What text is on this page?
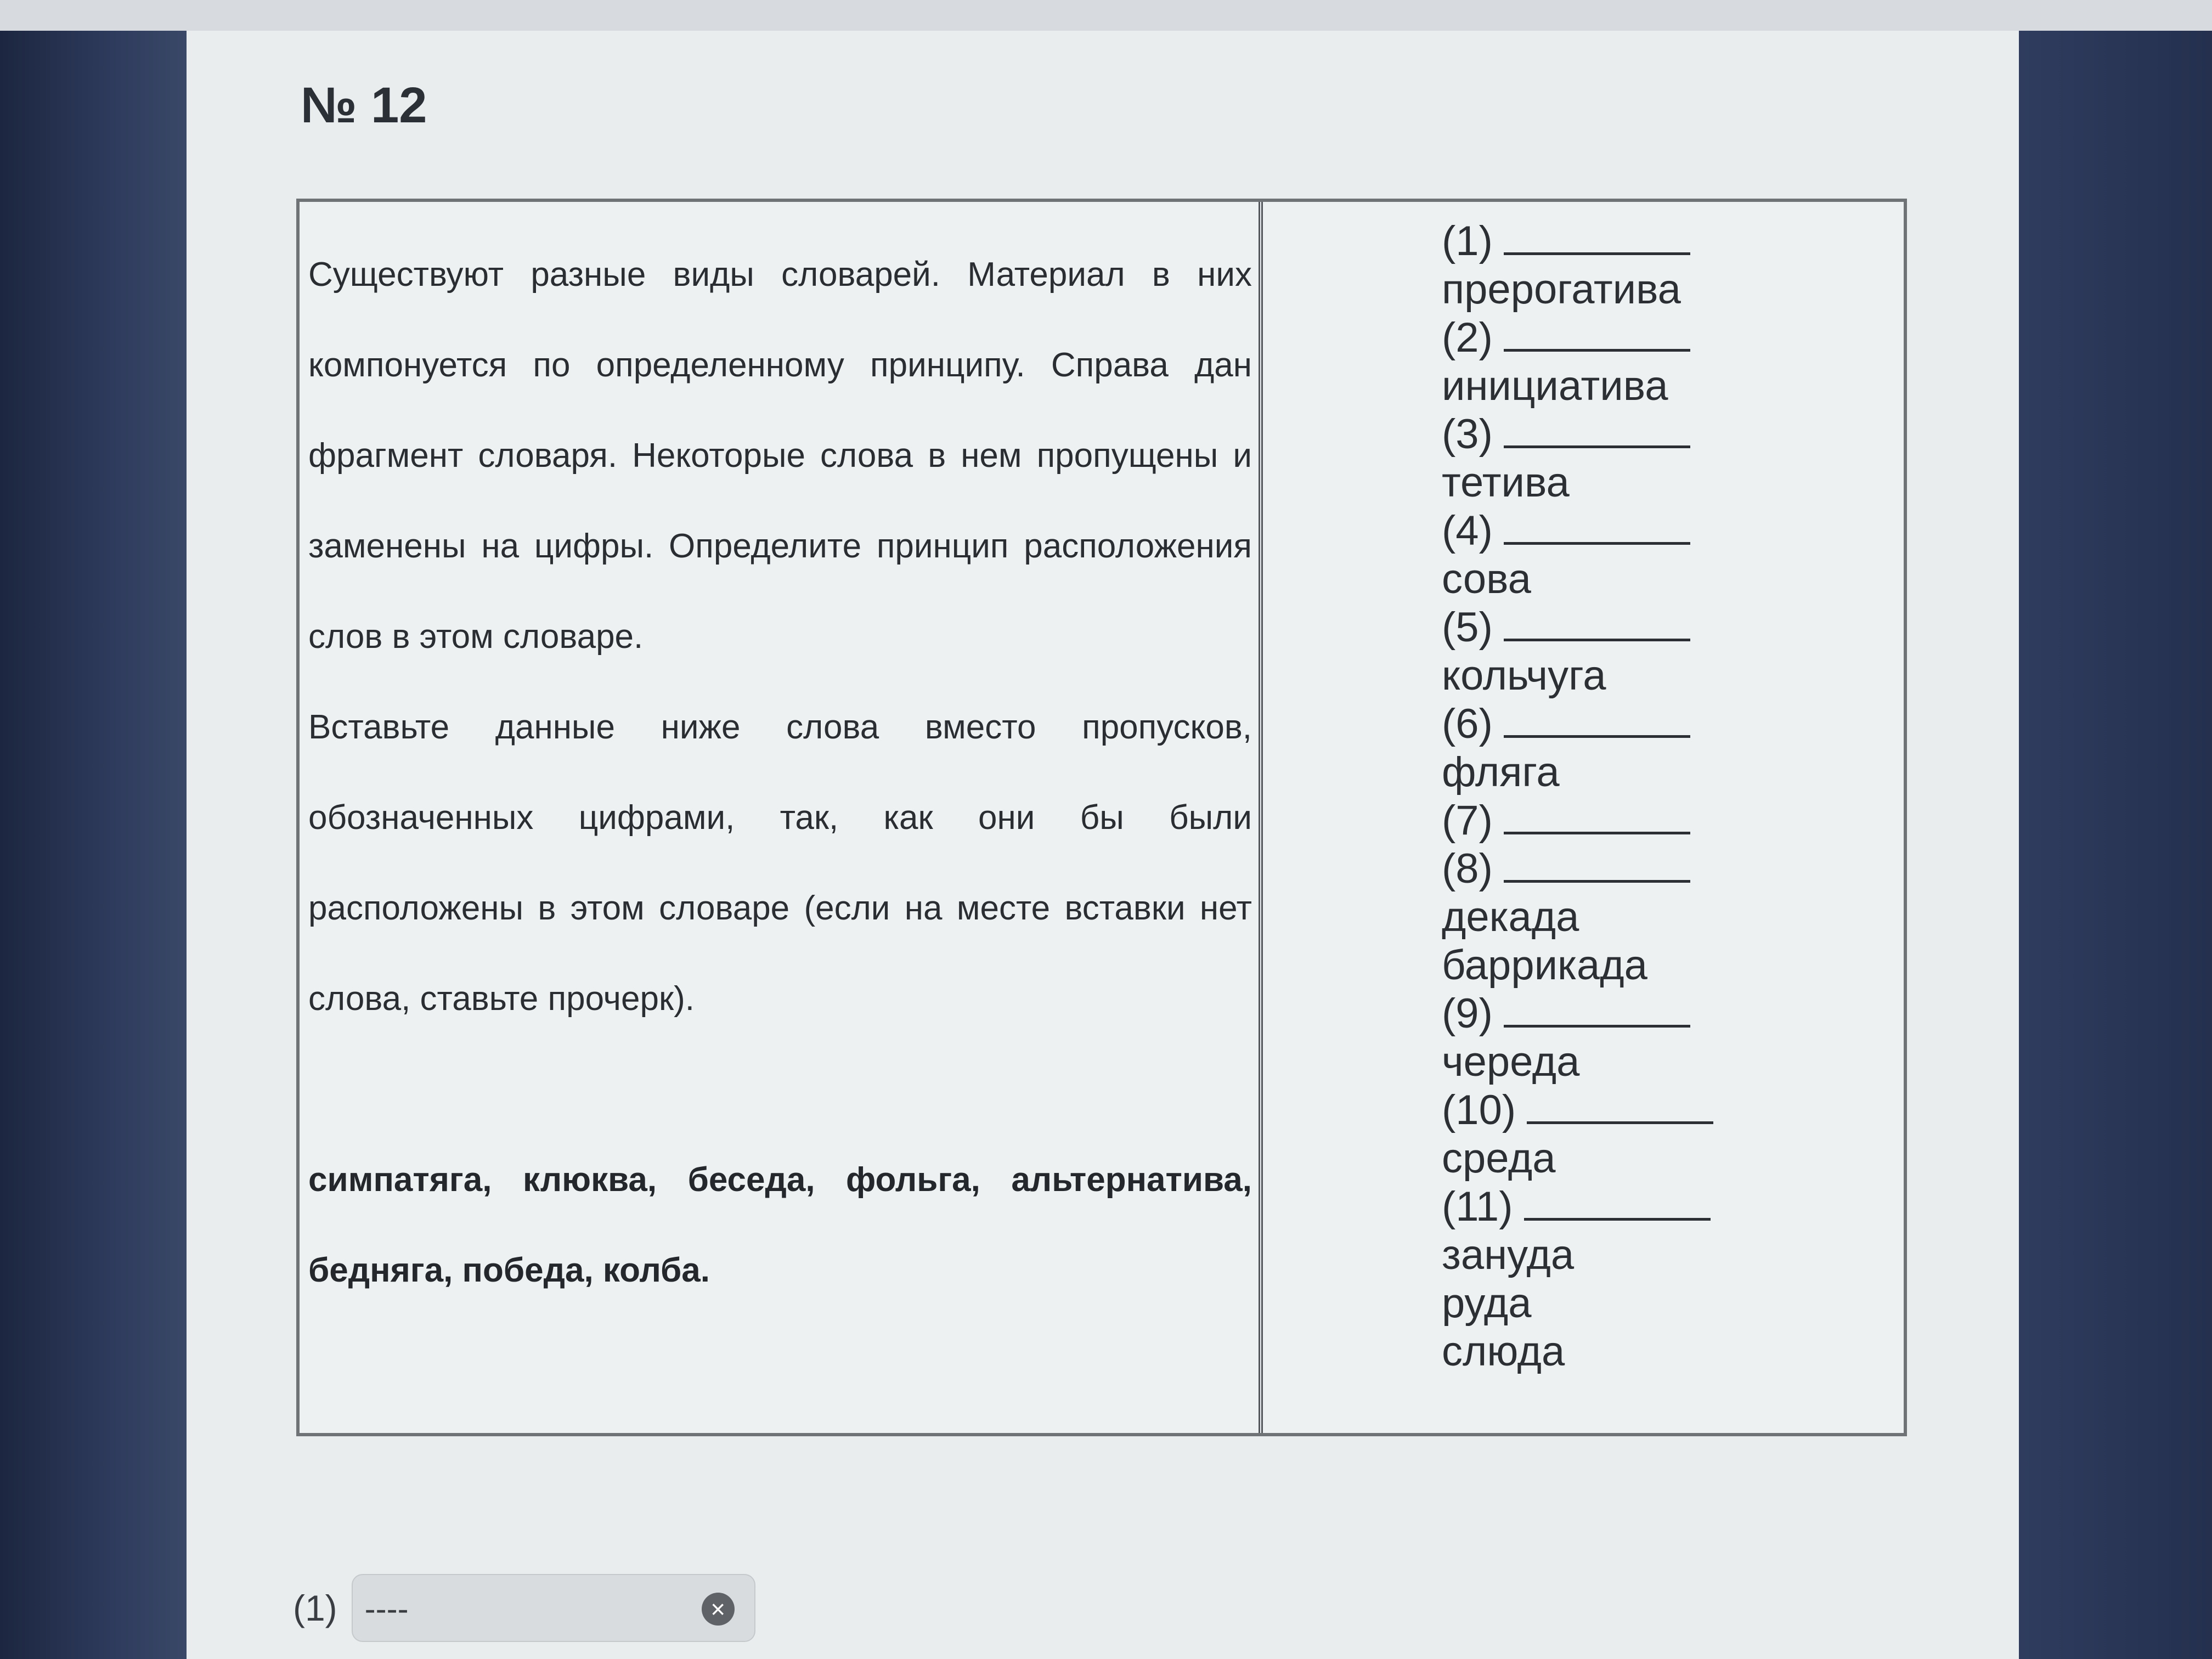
№ 12

Существуют разные виды словарей. Материал в них компонуется по определенному принципу. Справа дан фрагмент словаря. Некоторые слова в нем пропущены и заменены на цифры. Определите принцип расположения слов в этом словаре.

Вставьте данные ниже слова вместо пропусков, обозначенных цифрами, так, как они бы были расположены в этом словаре (если на месте вставки нет слова, ставьте прочерк).

симпатяга, клюква, беседа, фольга, альтернатива, бедняга, победа, колба.

(1)
прерогатива
(2)
инициатива
(3)
тетива
(4)
сова
(5)
кольчуга
(6)
фляга
(7)
(8)
декада
баррикада
(9)
череда
(10)
среда
(11)
зануда
руда
слюда
(1)
----	×
